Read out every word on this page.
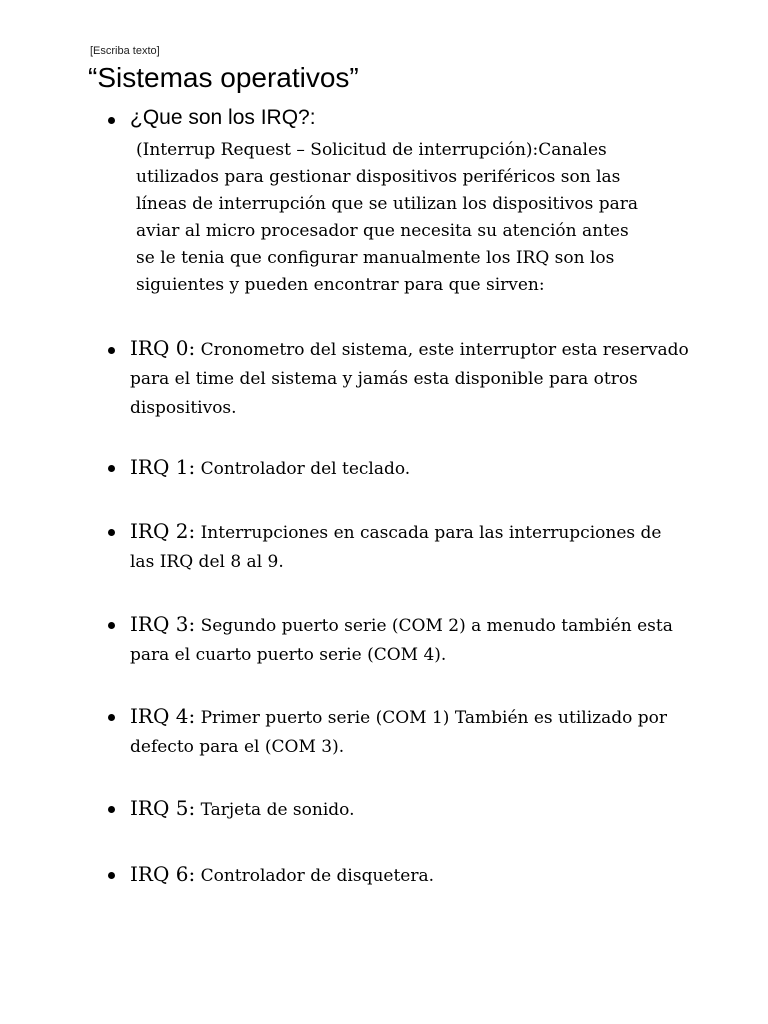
[Escriba texto]
“Sistemas operativos”
¿Que son los IRQ?:
(Interrup Request – Solicitud de interrupción):Canales
utilizados para gestionar dispositivos periféricos son las
líneas de interrupción que se utilizan los dispositivos para
aviar al micro procesador que necesita su atención antes
se le tenia que configurar manualmente los IRQ son los
siguientes y pueden encontrar para que sirven:

IRQ 0: Cronometro del sistema, este interruptor esta reservado para el time del sistema y jamás esta disponible para otros dispositivos.

IRQ 1: Controlador del teclado.

IRQ 2: Interrupciones en cascada para las interrupciones de las IRQ del 8 al 9.

IRQ 3: Segundo puerto serie (COM 2) a menudo también esta para el cuarto puerto serie (COM 4).

IRQ 4: Primer puerto serie (COM 1) También es utilizado por defecto para el (COM 3).

IRQ 5: Tarjeta de sonido.

IRQ 6: Controlador de disquetera.
